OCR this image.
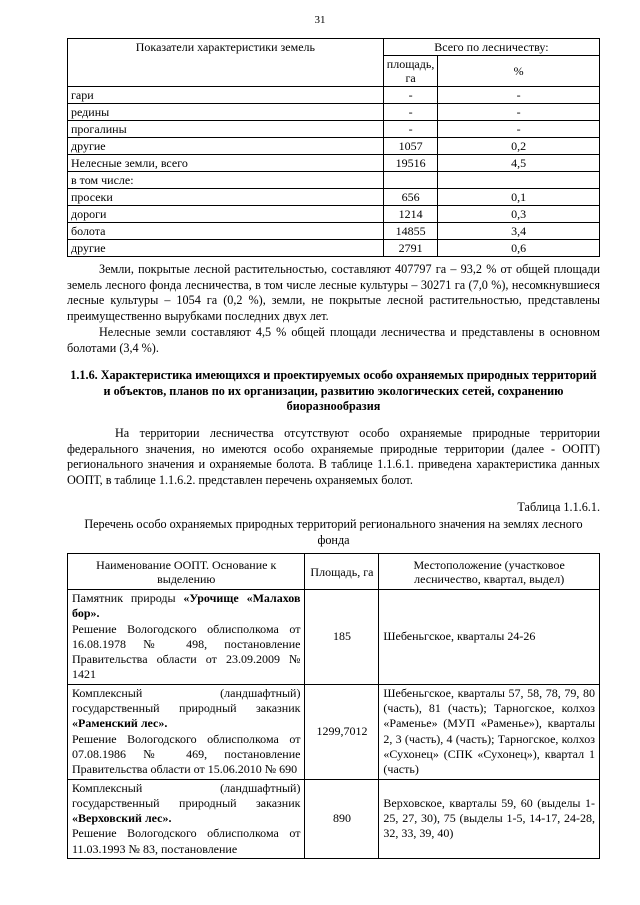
31
Показатели характеристики земель	Всего по лесничеству:	
	площадь, га	%
гари	-	-
редины	-	-
прогалины	-	-
другие	1057	0,2
Нелесные земли, всего	19516	4,5
в том числе:		
просеки	656	0,1
дороги	1214	0,3
болота	14855	3,4
другие	2791	0,6

Земли, покрытые лесной растительностью, составляют 407797 га – 93,2 % от общей площади земель лесного фонда лесничества, в том числе лесные культуры – 30271 га (7,0 %), несомкнувшиеся лесные культуры – 1054 га (0,2 %), земли, не покрытые лесной растительностью, представлены преимущественно вырубками последних двух лет.

Нелесные земли составляют 4,5 % общей площади лесничества и представлены в основном болотами (3,4 %).

1.1.6. Характеристика имеющихся и проектируемых особо охраняемых природных территорий и объектов, планов по их организации, развитию экологических сетей, сохранению биоразнообразия

На территории лесничества отсутствуют особо охраняемые природные территории федерального значения, но имеются особо охраняемые природные территории (далее - ООПТ) регионального значения и охраняемые болота. В таблице 1.1.6.1. приведена характеристика данных ООПТ, в таблице 1.1.6.2. представлен перечень охраняемых болот.

Таблица 1.1.6.1.

Перечень особо охраняемых природных территорий регионального значения на землях лесного фонда

Наименование ООПТ. Основание к выделению	Площадь, га	Местоположение (участковое лесничество, квартал, выдел)
Памятник природы «Урочище «Малахов бор».
Решение Вологодского облисполкома от 16.08.1978 № 498, постановление Правительства области от 23.09.2009 № 1421	185	Шебеньгское, кварталы 24-26
Комплексный (ландшафтный) государственный природный заказник «Раменский лес».
Решение Вологодского облисполкома от 07.08.1986 № 469, постановление Правительства области от 15.06.2010 № 690	1299,7012	Шебеньгское, кварталы 57, 58, 78, 79, 80 (часть), 81 (часть); Тарногское, колхоз «Раменье» (МУП «Раменье»), кварталы 2, 3 (часть), 4 (часть); Тарногское, колхоз «Сухонец» (СПК «Сухонец»), квартал 1 (часть)
Комплексный (ландшафтный) государственный природный заказник «Верховский лес».
Решение Вологодского облисполкома от 11.03.1993 № 83, постановление	890	Верховское, кварталы 59, 60 (выделы 1-25, 27, 30), 75 (выделы 1-5, 14-17, 24-28, 32, 33, 39, 40)
